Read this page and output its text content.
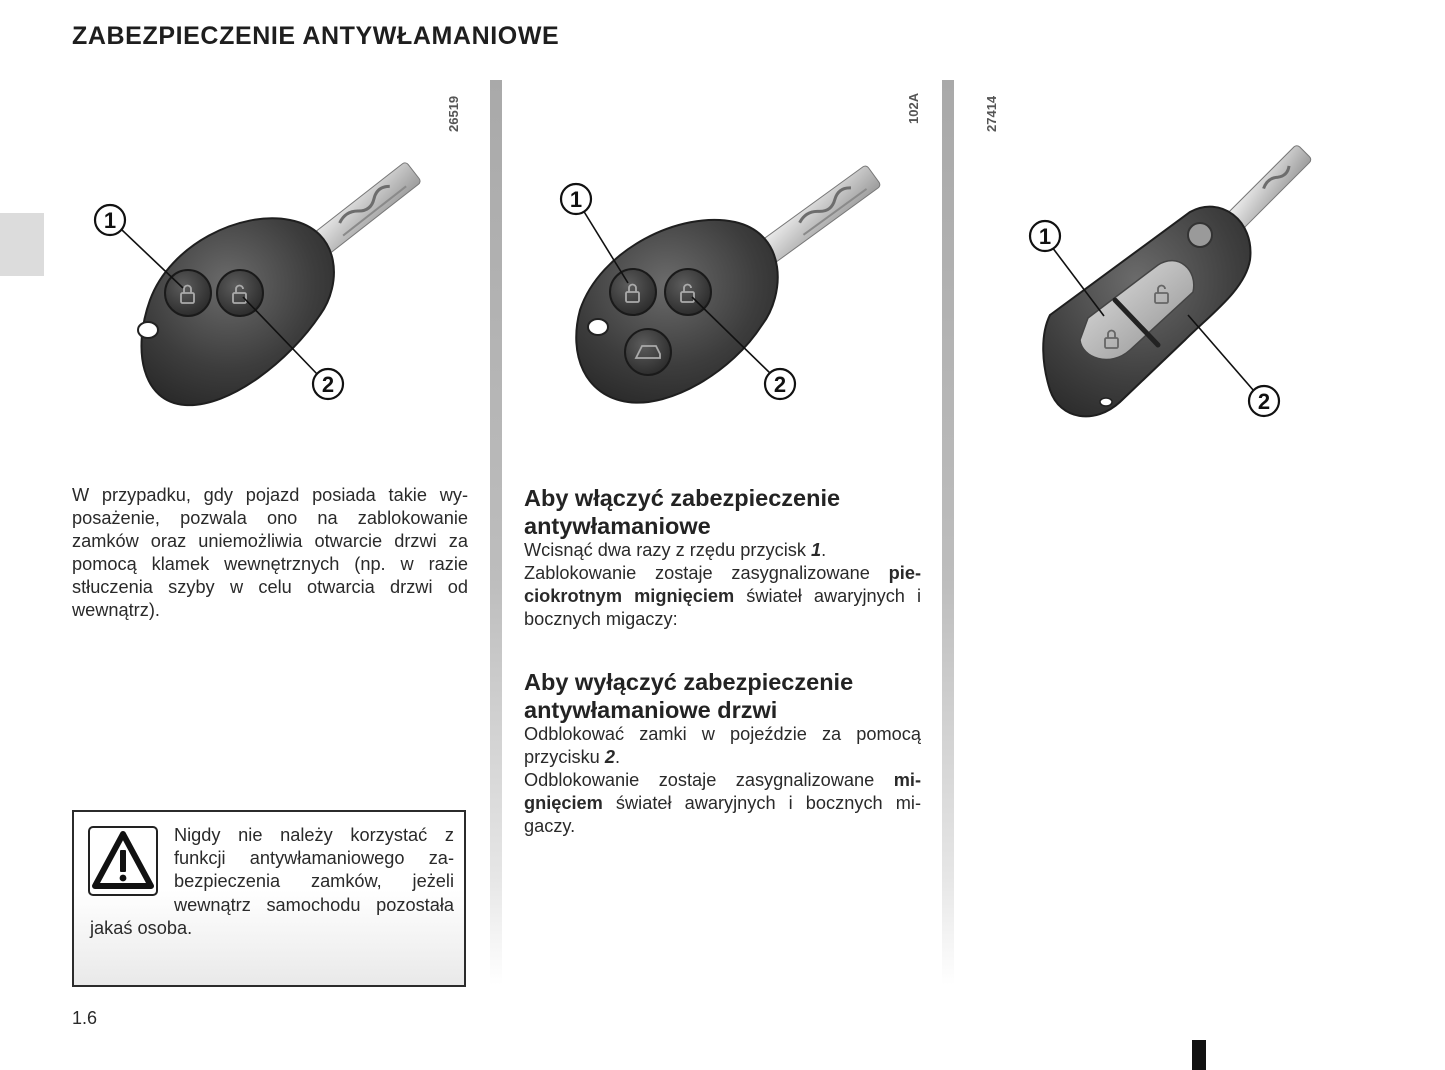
ZABEZPIECZENIE ANTYWŁAMANIOWE
26519
1
2
102A
1
2
27414
1
2

W przypadku, gdy pojazd posiada takie wyposażenie, pozwala ono na zablokowanie zamków oraz uniemożliwia otwarcie drzwi za pomocą klamek wewnętrznych (np. w razie stłuczenia szyby w celu otwarcia drzwi od wewnątrz).

Nigdy nie należy korzystać z funkcji antywłamaniowego zabezpieczenia zamków, jeżeli wewnątrz samochodu pozostała jakaś osoba.

Aby włączyć zabezpieczenie antywłamaniowe

Wcisnąć dwa razy z rzędu przycisk 1.

Zablokowanie zostaje zasygnalizowane pieciokrotnym mignięciem świateł awaryjnych i bocznych migaczy:

Aby wyłączyć zabezpieczenie antywłamaniowe drzwi

Odblokować zamki w pojeździe za pomocą przycisku 2.

Odblokowanie zostaje zasygnalizowane mignięciem świateł awaryjnych i bocznych migaczy.

1.6
